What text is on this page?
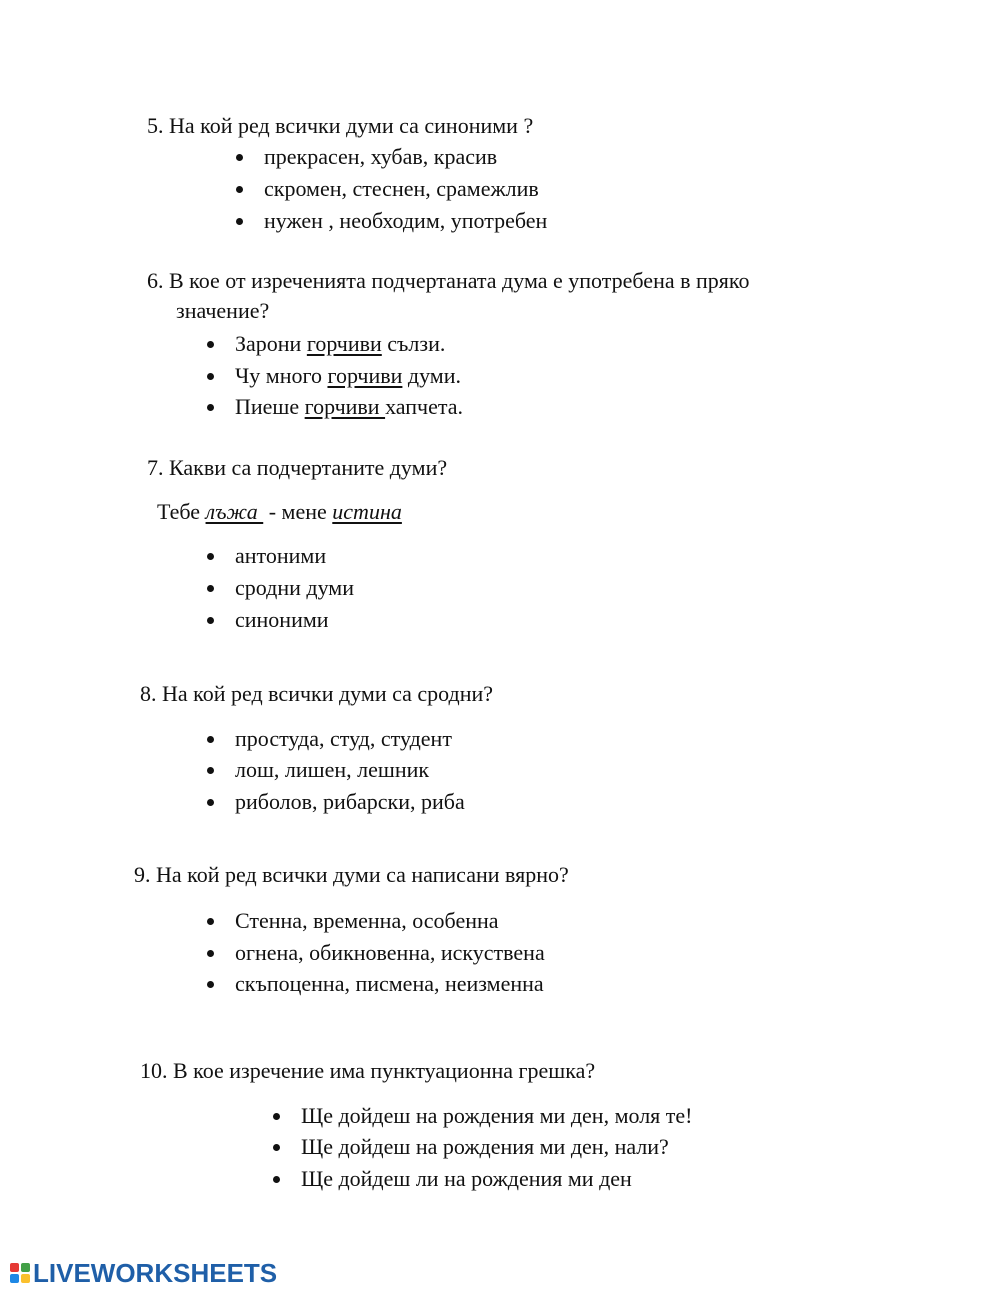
5. На кой ред всички думи са синоними ?
прекрасен, хубав, красив
скромен, стеснен, срамежлив
нужен , необходим, употребен
6. В кое от изреченията подчертаната дума е употребена в пряко
значение?
Зарони горчиви сълзи.
Чу много горчиви думи.
Пиеше горчиви хапчета.
7. Какви са подчертаните думи?
Тебе лъжа  - мене истина
антоними
сродни думи
синоними
8. На кой ред всички думи са сродни?
простуда, студ, студент
лош, лишен, лешник
риболов, рибарски, риба
9. На кой ред всички думи са написани вярно?
Стенна, временна, особенна
огнена, обикновенна, искуствена
скъпоценна, писмена, неизменна
10. В кое изречение има пунктуационна грешка?
Ще дойдеш на рождения ми ден, моля те!
Ще дойдеш на рождения ми ден, нали?
Ще дойдеш ли на рождения ми ден
LIVEWORKSHEETS
